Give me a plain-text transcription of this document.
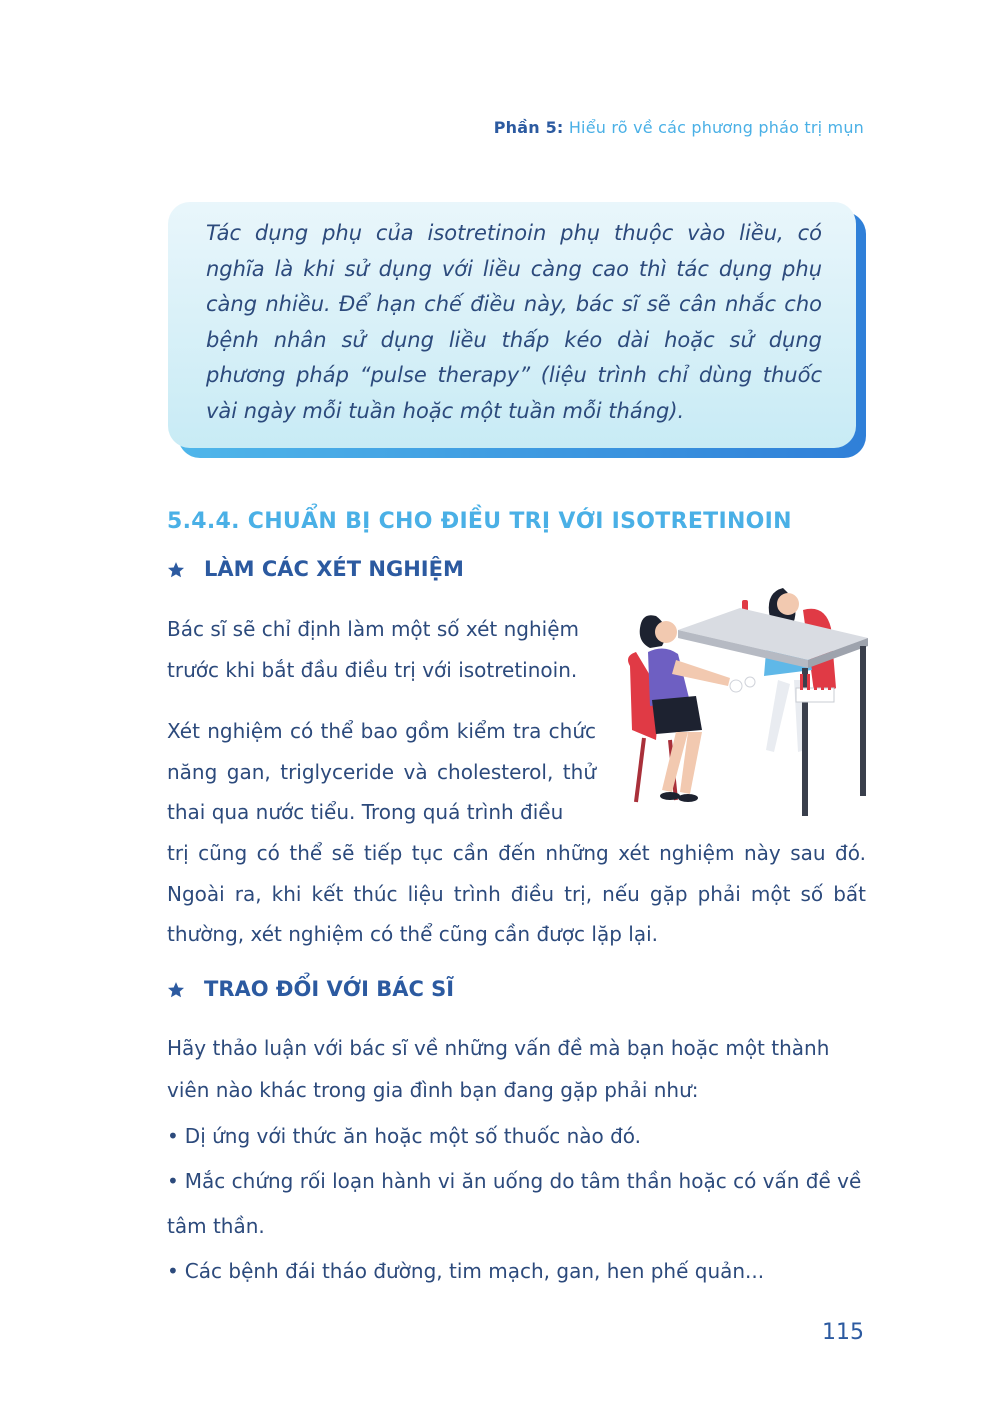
Phần 5: Hiểu rõ về các phương pháo trị mụn
Tác dụng phụ của isotretinoin phụ thuộc vào liều, có nghĩa là khi sử dụng với liều càng cao thì tác dụng phụ càng nhiều. Để hạn chế điều này, bác sĩ sẽ cân nhắc cho bệnh nhân sử dụng liều thấp kéo dài hoặc sử dụng phương pháp “pulse therapy” (liệu trình chỉ dùng thuốc vài ngày mỗi tuần hoặc một tuần mỗi tháng).
5.4.4. CHUẨN BỊ CHO ĐIỀU TRỊ VỚI ISOTRETINOIN
LÀM CÁC XÉT NGHIỆM
Bác sĩ sẽ chỉ định làm một số xét nghiệm trước khi bắt đầu điều trị với isotretinoin.
Xét nghiệm có thể bao gồm kiểm tra chức năng gan, triglyceride và cholesterol, thử thai qua nước tiểu. Trong quá trình điều
trị cũng có thể sẽ tiếp tục cần đến những xét nghiệm này sau đó. Ngoài ra, khi kết thúc liệu trình điều trị, nếu gặp phải một số bất thường, xét nghiệm có thể cũng cần được lặp lại.
TRAO ĐỔI VỚI BÁC SĨ
Hãy thảo luận với bác sĩ về những vấn đề mà bạn hoặc một thành viên nào khác trong gia đình bạn đang gặp phải như:
• Dị ứng với thức ăn hoặc một số thuốc nào đó.
• Mắc chứng rối loạn hành vi ăn uống do tâm thần hoặc có vấn đề về tâm thần.
• Các bệnh đái tháo đường, tim mạch, gan, hen phế quản...
115
